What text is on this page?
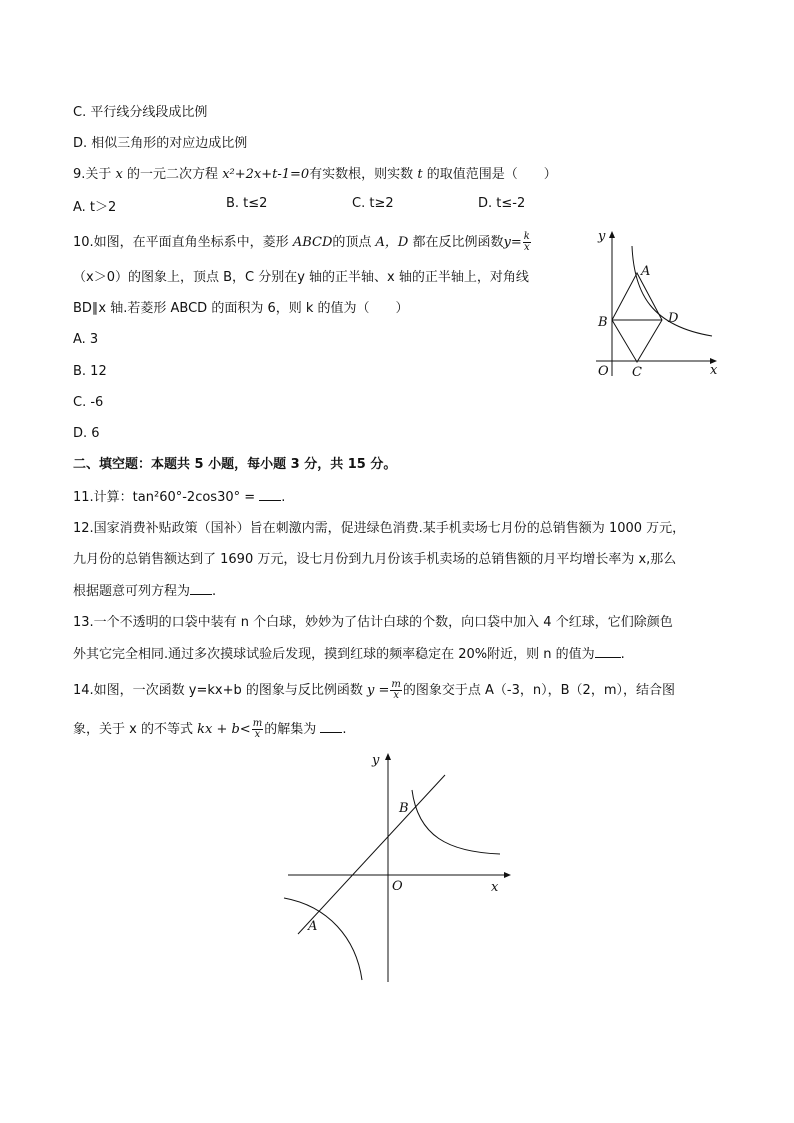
C. 平行线分线段成比例
D. 相似三角形的对应边成比例
9.关于 x 的一元二次方程 x²+2x+t-1=0有实数根，则实数 t 的取值范围是（　　）
A. t＞2	B. t≤2	C. t≥2	D. t≤-2
10.如图，在平面直角坐标系中，菱形 ABCD的顶点 A，D 都在反比例函数$y= \frac{k}{x}$
（x＞0）的图象上，顶点 B，C 分别在y 轴的正半轴、x 轴的正半轴上，对角线
BD∥x 轴.若菱形 ABCD 的面积为 6，则 k 的值为（　　）
A. 3
B. 12
C. -6
D. 6
y
x
O
A
B
C
D
二、填空题：本题共 5 小题，每小题 3 分，共 15 分。
11.计算：tan²60°-2cos30° = .
12.国家消费补贴政策（国补）旨在刺激内需，促进绿色消费.某手机卖场七月份的总销售额为 1000 万元，
九月份的总销售额达到了 1690 万元，设七月份到九月份该手机卖场的总销售额的月平均增长率为 x,那么
根据题意可列方程为 .
13.一个不透明的口袋中装有 n 个白球，妙妙为了估计白球的个数，向口袋中加入 4 个红球，它们除颜色
外其它完全相同.通过多次摸球试验后发现，摸到红球的频率稳定在 20%附近，则 n 的值为 .
14.如图，一次函数 y=kx+b 的图象与反比例函数 $y = \frac{m}{x}$ 的图象交于点 A（-3，n），B（2，m），结合图
象，关于 x 的不等式 kx + $b< \frac{m}{x}$ 的解集为 .
y
x
O
A
B
